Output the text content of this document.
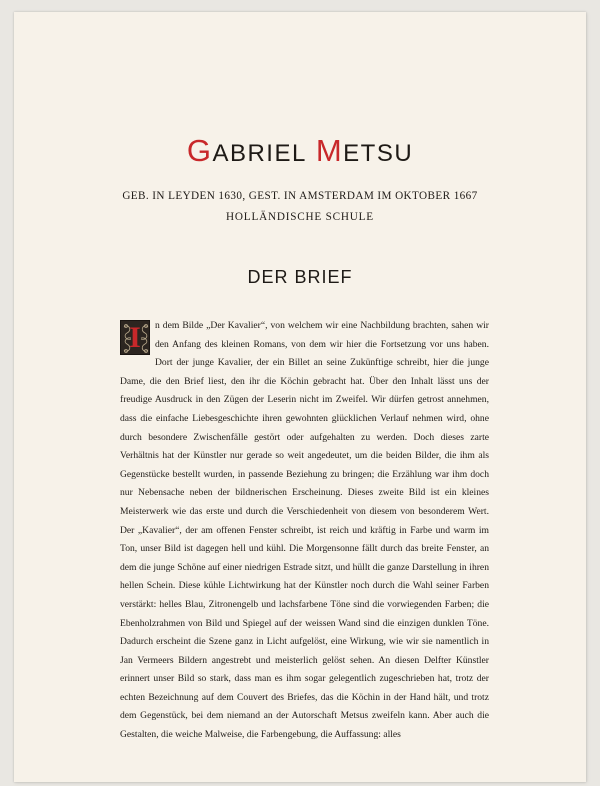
GABRIEL METSU
GEB. IN LEYDEN 1630, GEST. IN AMSTERDAM IM OKTOBER 1667
HOLLÄNDISCHE SCHULE
DER BRIEF
I	n dem Bilde „Der Kavalier“, von welchem wir eine Nachbildung brachten, sahen wir den Anfang des kleinen Romans, von dem wir hier die Fortsetzung vor uns haben. Dort der junge Kavalier, der ein Billet an seine Zukünftige schreibt, hier die junge Dame, die den Brief liest, den ihr die Köchin gebracht hat. Über den Inhalt lässt uns der freudige Ausdruck in den Zügen der Leserin nicht im Zweifel. Wir dürfen getrost annehmen, dass die einfache Liebesgeschichte ihren gewohnten glücklichen Verlauf nehmen wird, ohne durch besondere Zwischenfälle gestört oder aufgehalten zu werden. Doch dieses zarte Verhältnis hat der Künstler nur gerade so weit angedeutet, um die beiden Bilder, die ihm als Gegenstücke bestellt wurden, in passende Beziehung zu bringen; die Erzählung war ihm doch nur Nebensache neben der bildnerischen Erscheinung. Dieses zweite Bild ist ein kleines Meisterwerk wie das erste und durch die Verschiedenheit von diesem von besonderem Wert. Der „Kavalier“, der am offenen Fenster schreibt, ist reich und kräftig in Farbe und warm im Ton, unser Bild ist dagegen hell und kühl. Die Morgensonne fällt durch das breite Fenster, an dem die junge Schöne auf einer niedrigen Estrade sitzt, und hüllt die ganze Darstellung in ihren hellen Schein. Diese kühle Lichtwirkung hat der Künstler noch durch die Wahl seiner Farben verstärkt: helles Blau, Zitronengelb und lachsfarbene Töne sind die vorwiegenden Farben; die Ebenholzrahmen von Bild und Spiegel auf der weissen Wand sind die einzigen dunklen Töne. Dadurch erscheint die Szene ganz in Licht aufgelöst, eine Wirkung, wie wir sie namentlich in Jan Vermeers Bildern angestrebt und meisterlich gelöst sehen. An diesen Delfter Künstler erinnert unser Bild so stark, dass man es ihm sogar gelegentlich zugeschrieben hat, trotz der echten Bezeichnung auf dem Couvert des Briefes, das die Köchin in der Hand hält, und trotz dem Gegenstück, bei dem niemand an der Autorschaft Metsus zweifeln kann. Aber auch die Gestalten, die weiche Malweise, die Farbengebung, die Auffassung: alles
